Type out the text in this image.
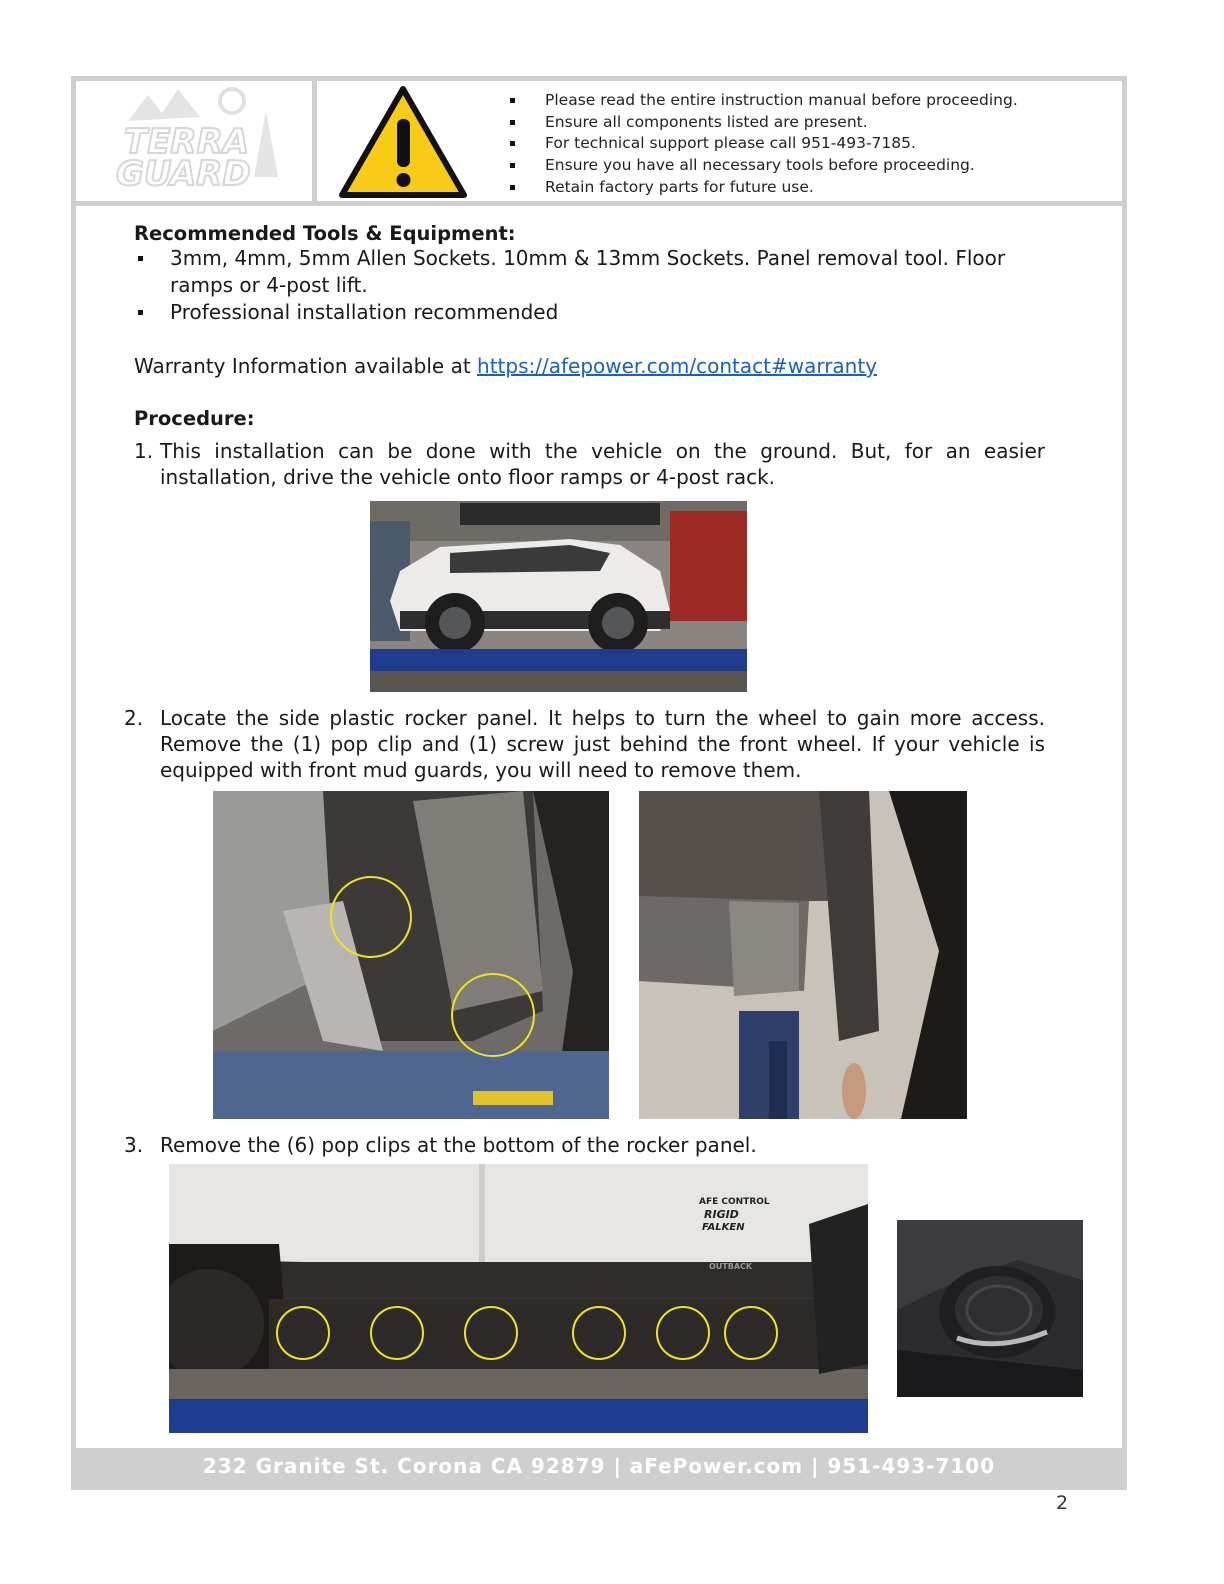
TERRA
GUARD
Please read the entire instruction manual before proceeding.
Ensure all components listed are present.
For technical support please call 951-493-7185.
Ensure you have all necessary tools before proceeding.
Retain factory parts for future use.

Recommended Tools & Equipment:

3mm, 4mm, 5mm Allen Sockets. 10mm & 13mm Sockets. Panel removal tool. Floor ramps or 4-post lift.
Professional installation recommended

Warranty Information available at https://afepower.com/contact#warranty

Procedure:

1. This installation can be done with the vehicle on the ground. But, for an easier installation, drive the vehicle onto floor ramps or 4-post rack.
2. Locate the side plastic rocker panel. It helps to turn the wheel to gain more access. Remove the (1) pop clip and (1) screw just behind the front wheel. If your vehicle is equipped with front mud guards, you will need to remove them.
3. Remove the (6) pop clips at the bottom of the rocker panel.
AFE CONTROL
RIGID
FALKEN
OUTBACK
232 Granite St. Corona CA 92879 | aFePower.com | 951-493-7100
2
